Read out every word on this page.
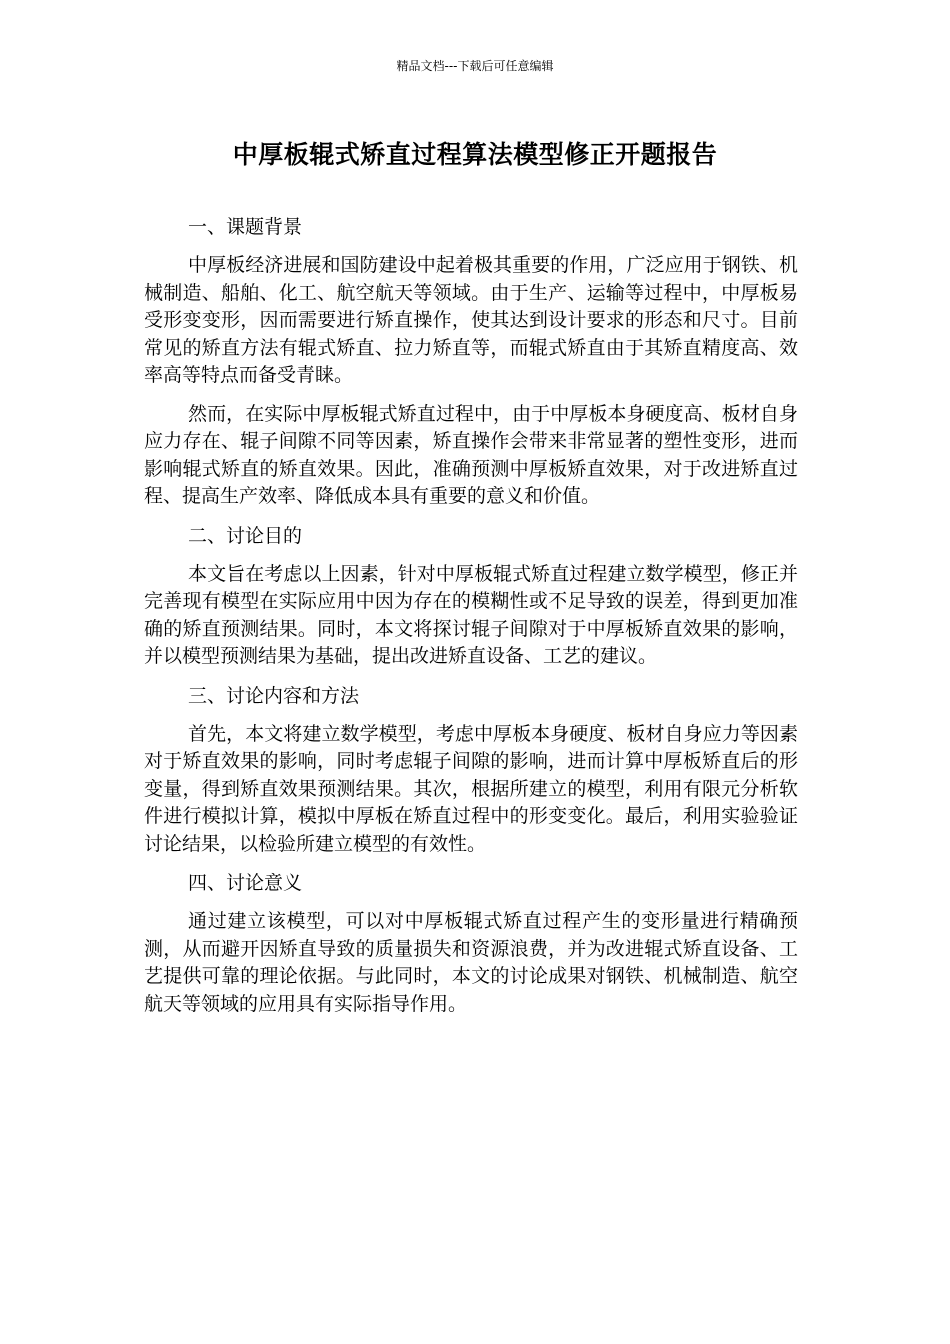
精品文档---下载后可任意编辑
中厚板辊式矫直过程算法模型修正开题报告

一、课题背景

中厚板经济进展和国防建设中起着极其重要的作用，广泛应用于钢铁、机械制造、船舶、化工、航空航天等领域。由于生产、运输等过程中，中厚板易受形变变形，因而需要进行矫直操作，使其达到设计要求的形态和尺寸。目前常见的矫直方法有辊式矫直、拉力矫直等，而辊式矫直由于其矫直精度高、效率高等特点而备受青睐。

然而，在实际中厚板辊式矫直过程中，由于中厚板本身硬度高、板材自身应力存在、辊子间隙不同等因素，矫直操作会带来非常显著的塑性变形，进而影响辊式矫直的矫直效果。因此，准确预测中厚板矫直效果，对于改进矫直过程、提高生产效率、降低成本具有重要的意义和价值。

二、讨论目的

本文旨在考虑以上因素，针对中厚板辊式矫直过程建立数学模型，修正并完善现有模型在实际应用中因为存在的模糊性或不足导致的误差，得到更加准确的矫直预测结果。同时，本文将探讨辊子间隙对于中厚板矫直效果的影响，并以模型预测结果为基础，提出改进矫直设备、工艺的建议。

三、讨论内容和方法

首先，本文将建立数学模型，考虑中厚板本身硬度、板材自身应力等因素对于矫直效果的影响，同时考虑辊子间隙的影响，进而计算中厚板矫直后的形变量，得到矫直效果预测结果。其次，根据所建立的模型，利用有限元分析软件进行模拟计算，模拟中厚板在矫直过程中的形变变化。最后，利用实验验证讨论结果，以检验所建立模型的有效性。

四、讨论意义

通过建立该模型，可以对中厚板辊式矫直过程产生的变形量进行精确预测，从而避开因矫直导致的质量损失和资源浪费，并为改进辊式矫直设备、工艺提供可靠的理论依据。与此同时，本文的讨论成果对钢铁、机械制造、航空航天等领域的应用具有实际指导作用。
